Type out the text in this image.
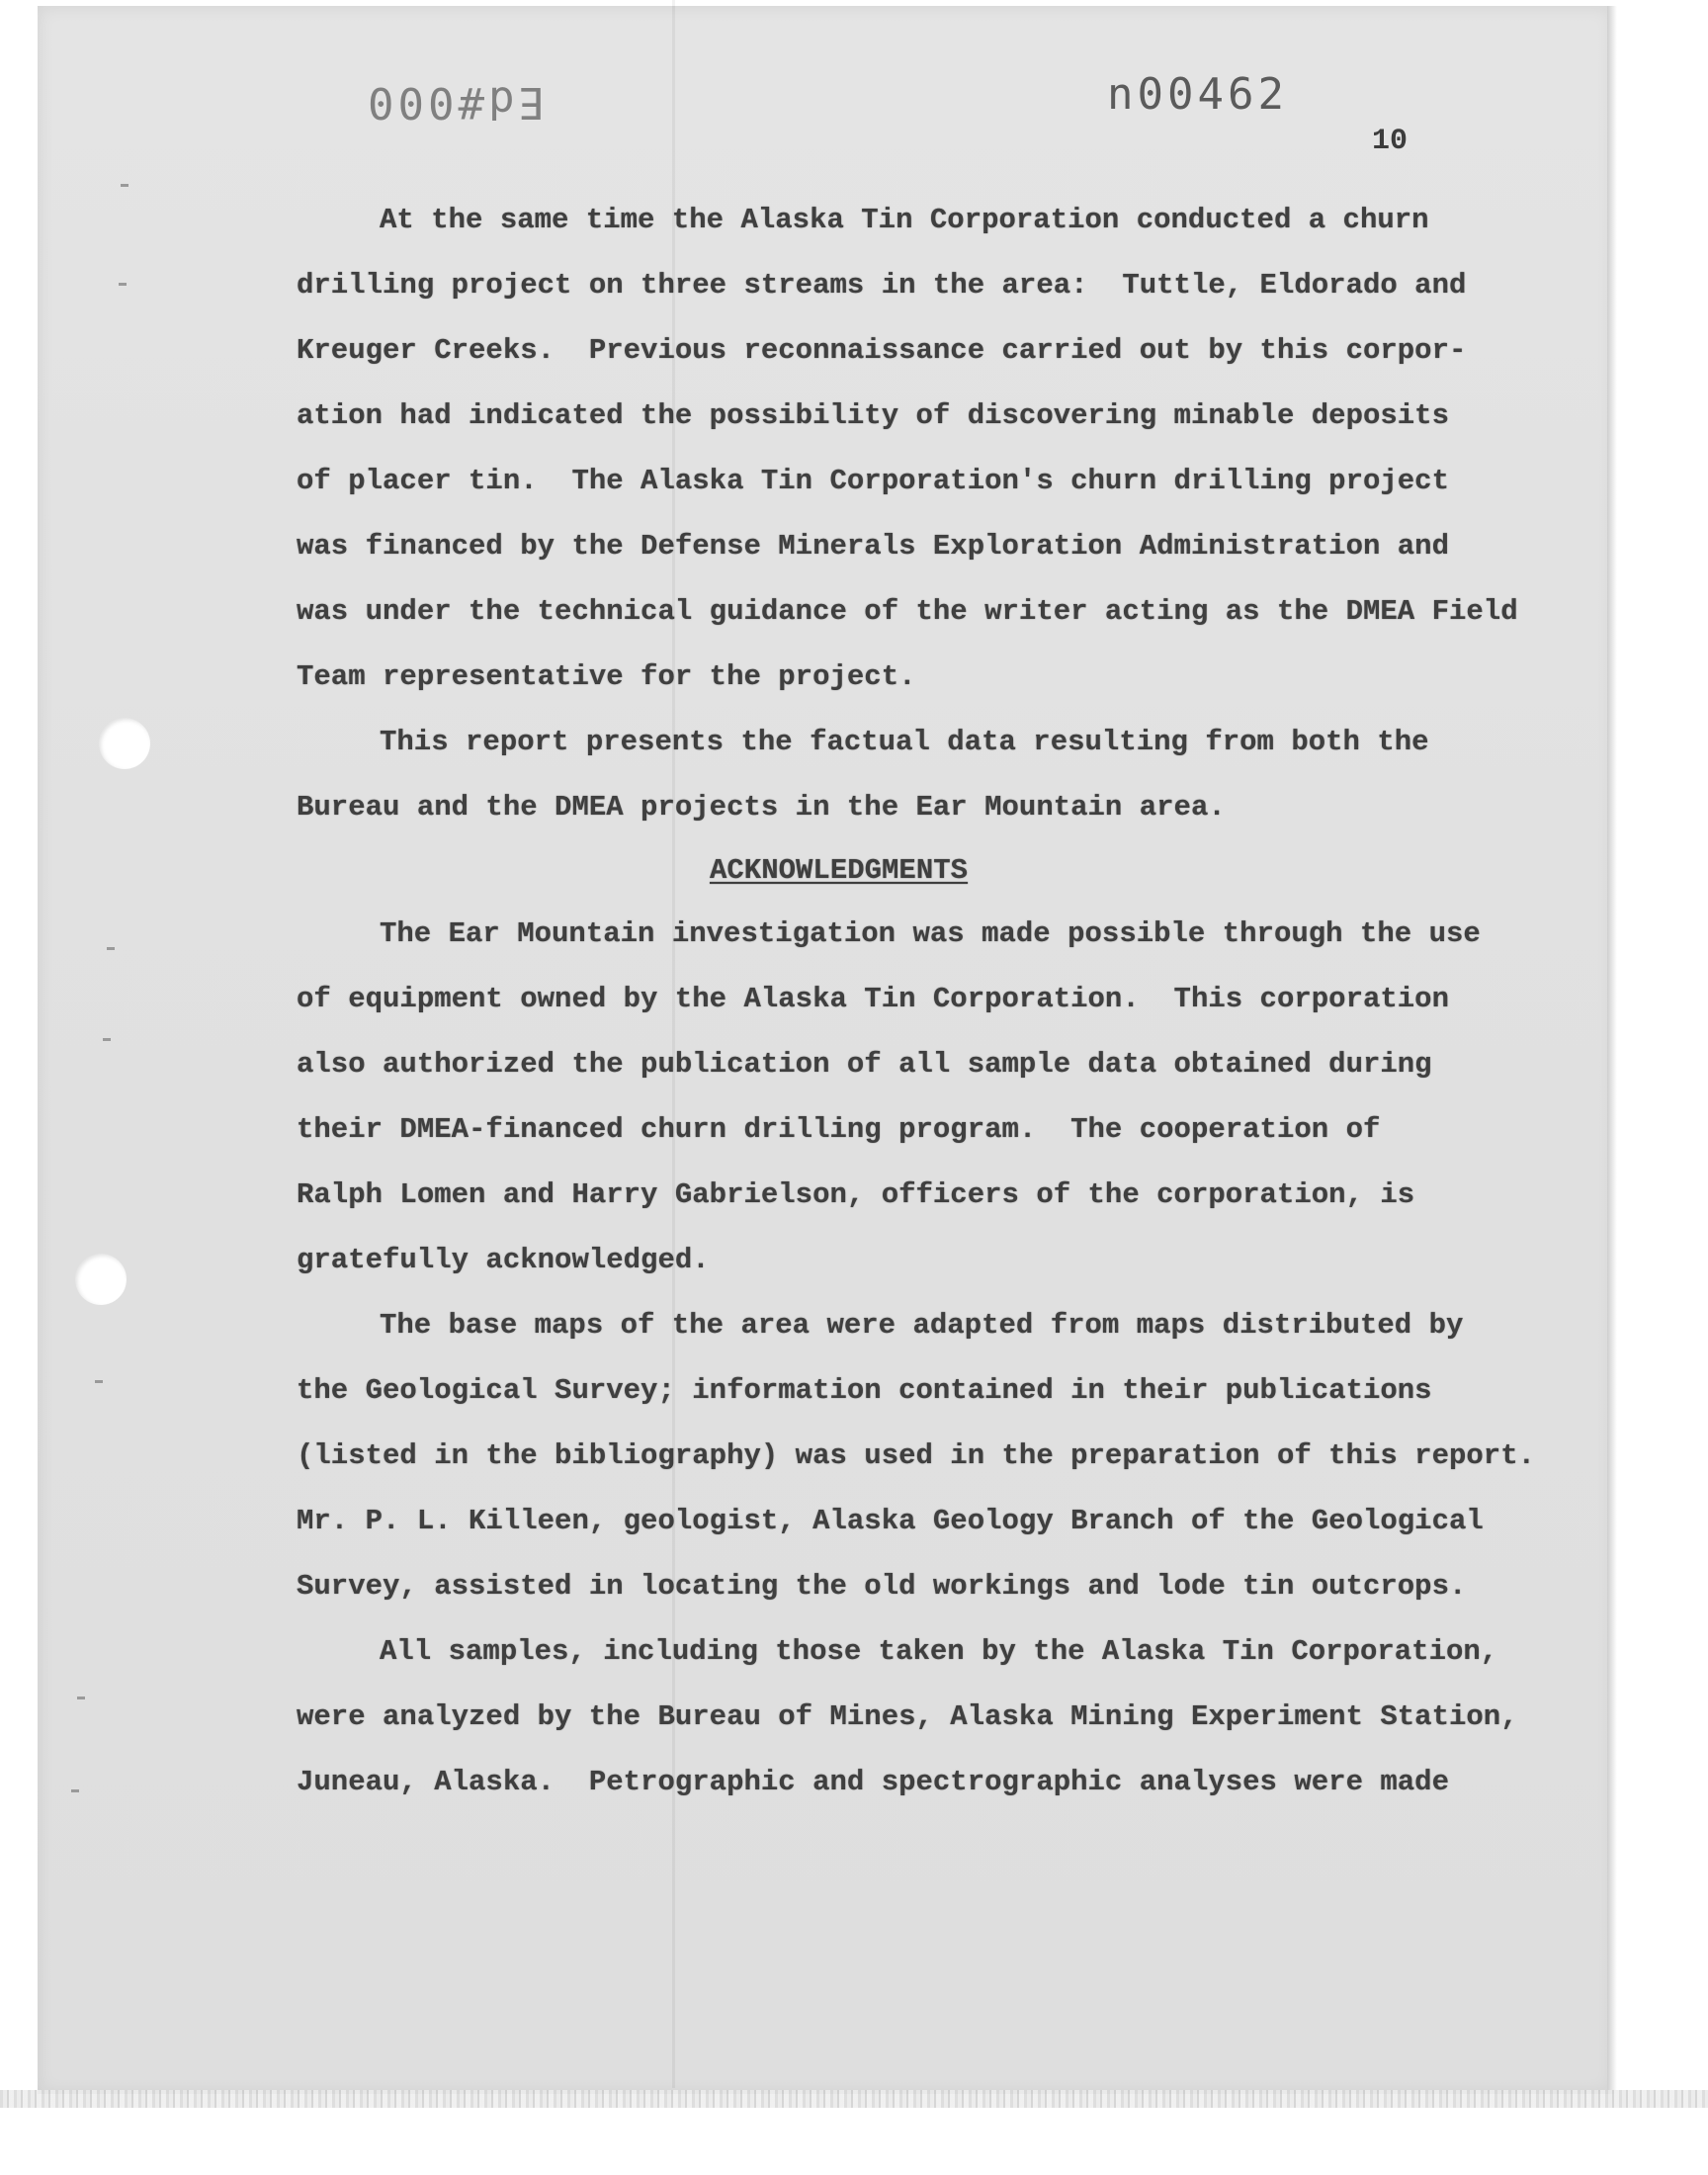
Ed#000	n00462
10
At the same time the Alaska Tin Corporation conducted a churn
drilling project on three streams in the area:  Tuttle, Eldorado and
Kreuger Creeks.  Previous reconnaissance carried out by this corpor-
ation had indicated the possibility of discovering minable deposits
of placer tin.  The Alaska Tin Corporation's churn drilling project
was financed by the Defense Minerals Exploration Administration and
was under the technical guidance of the writer acting as the DMEA Field
Team representative for the project.
This report presents the factual data resulting from both the
Bureau and the DMEA projects in the Ear Mountain area.
ACKNOWLEDGMENTS
The Ear Mountain investigation was made possible through the use
of equipment owned by the Alaska Tin Corporation.  This corporation
also authorized the publication of all sample data obtained during
their DMEA-financed churn drilling program.  The cooperation of
Ralph Lomen and Harry Gabrielson, officers of the corporation, is
gratefully acknowledged.
The base maps of the area were adapted from maps distributed by
the Geological Survey; information contained in their publications
(listed in the bibliography) was used in the preparation of this report.
Mr. P. L. Killeen, geologist, Alaska Geology Branch of the Geological
Survey, assisted in locating the old workings and lode tin outcrops.
All samples, including those taken by the Alaska Tin Corporation,
were analyzed by the Bureau of Mines, Alaska Mining Experiment Station,
Juneau, Alaska.  Petrographic and spectrographic analyses were made
